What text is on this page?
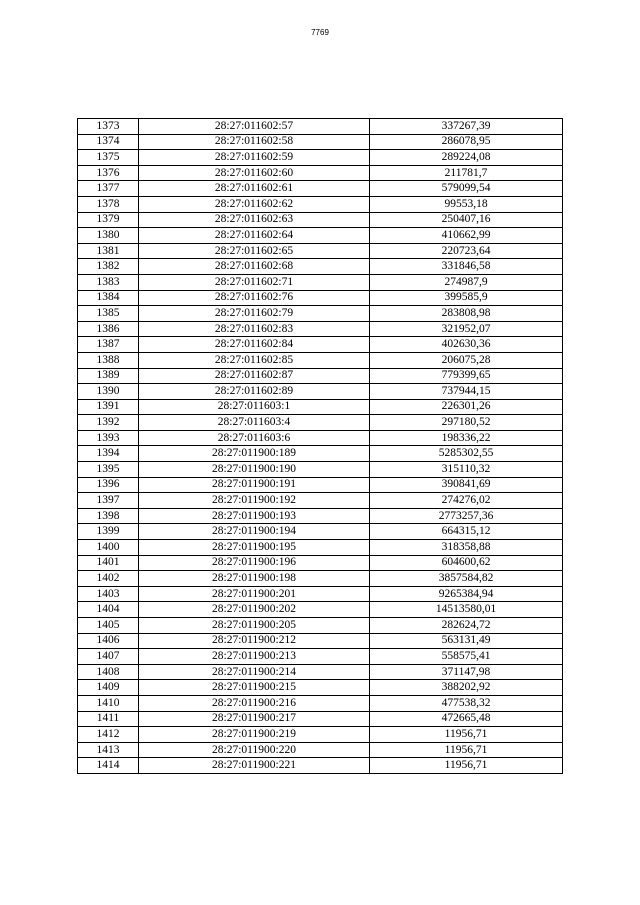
7769
1373	28:27:011602:57	337267,39
1374	28:27:011602:58	286078,95
1375	28:27:011602:59	289224,08
1376	28:27:011602:60	211781,7
1377	28:27:011602:61	579099,54
1378	28:27:011602:62	99553,18
1379	28:27:011602:63	250407,16
1380	28:27:011602:64	410662,99
1381	28:27:011602:65	220723,64
1382	28:27:011602:68	331846,58
1383	28:27:011602:71	274987,9
1384	28:27:011602:76	399585,9
1385	28:27:011602:79	283808,98
1386	28:27:011602:83	321952,07
1387	28:27:011602:84	402630,36
1388	28:27:011602:85	206075,28
1389	28:27:011602:87	779399,65
1390	28:27:011602:89	737944,15
1391	28:27:011603:1	226301,26
1392	28:27:011603:4	297180,52
1393	28:27:011603:6	198336,22
1394	28:27:011900:189	5285302,55
1395	28:27:011900:190	315110,32
1396	28:27:011900:191	390841,69
1397	28:27:011900:192	274276,02
1398	28:27:011900:193	2773257,36
1399	28:27:011900:194	664315,12
1400	28:27:011900:195	318358,88
1401	28:27:011900:196	604600,62
1402	28:27:011900:198	3857584,82
1403	28:27:011900:201	9265384,94
1404	28:27:011900:202	14513580,01
1405	28:27:011900:205	282624,72
1406	28:27:011900:212	563131,49
1407	28:27:011900:213	558575,41
1408	28:27:011900:214	371147,98
1409	28:27:011900:215	388202,92
1410	28:27:011900:216	477538,32
1411	28:27:011900:217	472665,48
1412	28:27:011900:219	11956,71
1413	28:27:011900:220	11956,71
1414	28:27:011900:221	11956,71
